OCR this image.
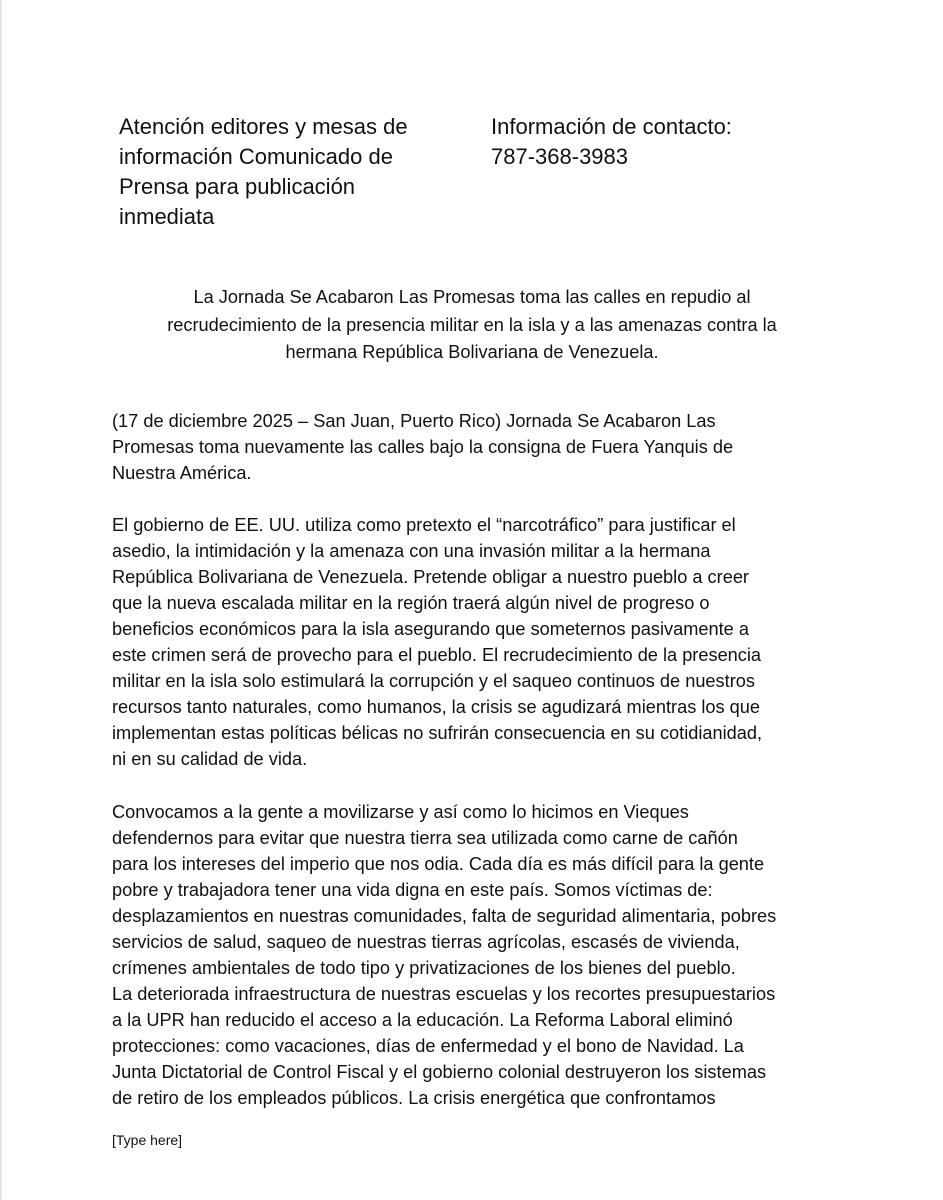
Atención editores y mesas de
información Comunicado de
Prensa para publicación
inmediata
Información de contacto:
787-368-3983
La Jornada Se Acabaron Las Promesas toma las calles en repudio al
recrudecimiento de la presencia militar en la isla y a las amenazas contra la
hermana República Bolivariana de Venezuela.
(17 de diciembre 2025 – San Juan, Puerto Rico) Jornada Se Acabaron Las
Promesas toma nuevamente las calles bajo la consigna de Fuera Yanquis de
Nuestra América.
El gobierno de EE. UU. utiliza como pretexto el “narcotráfico” para justificar el
asedio, la intimidación y la amenaza con una invasión militar a la hermana
República Bolivariana de Venezuela. Pretende obligar a nuestro pueblo a creer
que la nueva escalada militar en la región traerá algún nivel de progreso o
beneficios económicos para la isla asegurando que someternos pasivamente a
este crimen será de provecho para el pueblo. El recrudecimiento de la presencia
militar en la isla solo estimulará la corrupción y el saqueo continuos de nuestros
recursos tanto naturales, como humanos, la crisis se agudizará mientras los que
implementan estas políticas bélicas no sufrirán consecuencia en su cotidianidad,
ni en su calidad de vida.
Convocamos a la gente a movilizarse y así como lo hicimos en Vieques
defendernos para evitar que nuestra tierra sea utilizada como carne de cañón
para los intereses del imperio que nos odia. Cada día es más difícil para la gente
pobre y trabajadora tener una vida digna en este país. Somos víctimas de:
desplazamientos en nuestras comunidades, falta de seguridad alimentaria, pobres
servicios de salud, saqueo de nuestras tierras agrícolas, escasés de vivienda,
crímenes ambientales de todo tipo y privatizaciones de los bienes del pueblo.
La deteriorada infraestructura de nuestras escuelas y los recortes presupuestarios
a la UPR han reducido el acceso a la educación. La Reforma Laboral eliminó
protecciones: como vacaciones, días de enfermedad y el bono de Navidad. La
Junta Dictatorial de Control Fiscal y el gobierno colonial destruyeron los sistemas
de retiro de los empleados públicos. La crisis energética que confrontamos
[Type here]
